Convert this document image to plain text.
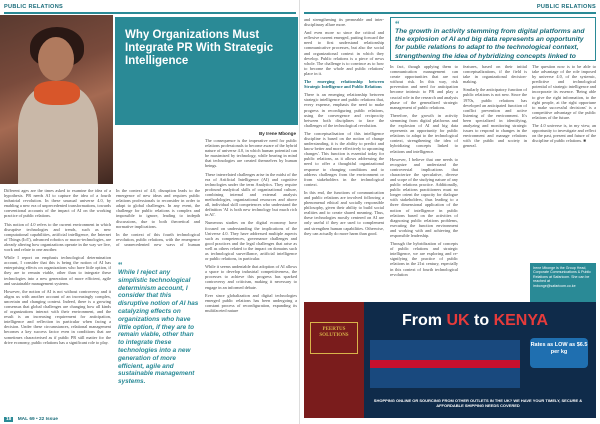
PUBLIC RELATIONS
Why Organizations Must Integrate PR With Strategic Intelligence
By Irene Mbonge

Different ages are the times asked to examine the idea of a hypothesis. PR needs AI to capture the idea of a fourth industrial revolution. In these unusual universe 4.0, by enabling a new era of unprecedented transformations, towards conventional accounts of the impact of AI on the working practice of public relations.

This notion of 4.0 refers to the current environment in which disruptive technologies and trends, such as new computational capabilities, artificial intelligence, the Internet of Things (IoT), advanced robotics or macro-technologies, are already altering how organizations operate in the way we live, work and relate to one another.

While I report on emphasis technological determination account, I consider that this is being the notion of AI has enterprising effects on organizations who have little option, if they are to remain viable, other than to integrate these technologies into a new generation of more efficient, agile and sustainable management systems.

However, the notion of AI is not without controversy and it aligns us with another account of an increasingly complex, uncertain and changing context. Indeed, there is a growing consensus that global challenges are changing how all kinds of organizations interact with their environment, and the result is an increasing requirement for anticipation, intelligence and reflection in particular when facing a decision. Under these circumstances, relational management becomes a key success factor even in conditions that are sometimes characterised as if public PR still matter for the drive economy, public relations has a significant role to play.

In the context of 4.0, disruption leads to the emergence of new ideas and requires public relations professionals to reconsider in order to adapt to global challenges. In any event, the challenge for public relations is complex and impossible to ignore, leading to indepth discussions, due to both theoretical and normative implications.

In the context of this fourth technological revolution, public relations, with the emergence of unprecedented new ways of human

“
While I reject any simplistic technological determinism account, I consider that this disruptive notion of AI has catalyzing effects on organizations who have little option, if they are to remain viable, other than to integrate these technologies into a new generation of more efficient, agile and sustainable management systems.

The consequence is the imperative need for public relations professionals to become aware of the hybrid nature of universe 4.0, in which human potential can be maximised by technology, while bearing in mind that technologies are created themselves by human beings.

These interrelated challenges arise in the midst of the era of Artificial Intelligence (AI) and cognitive technologies under the term Analytics. They require profound analytical skills of organizational culture, combining internal and external analysis methodologies, organizational resources and above all, individual skill competences who understand the definition 'AI is both new technology but much rich in AI'.

Numerous studies on the digital economy have focused on understanding the implications of the Universe 4.0. They have addressed multiple aspects such as competences, governance challenges and good practices and the legal challenges that arise as well as others related to the impact on domains such as technological surveillance, artificial intelligence or public relations, in particular.

While it seems undeniable that adoption of AI allows a space to develop industrial competitiveness, the processes to achieve this progress has sparked controversy and criticism, making it necessary to engage in an informed debate.

Ever since globalization and digital technologies emerged public relations has been undergoing a constant process of reconfiguration, expanding its multifaceted nature

18 MAL 69 • 22 Issue
PUBLIC RELATIONS

and strengthening its permeable and inter-disciplinary allure more.

And even more so since the critical and reflexive current emerged, putting forward the need to first understand relationship communicative processes, but also the social and organizational context in which they develop. Public relations is a piece of news whole. The challenge is to convince as to how to become the whole and public relations' place in it.

The emerging relationship between Strategic Intelligence and Public Relations

There is an emerging relationship between strategic intelligence and public relations that, every expense, emphasis the need to make progress in reconfiguring public relations, using the convergence and reciprocity between both disciplines to face the challenges of the technological revolution.

The conceptualisation of this intelligence discipline is based on the notion of change understanding, it is the ability to predict and know better and more effectively to upcoming changes'. This function is essential today for public relations, as it allows addressing the need to offer a thoughtful organizational response to changing conditions and to address challenges from the environment or from stakeholders in the technological context.

In this end, the functions of communication and public relations are involved following a phenomenal ethical and socially responsible philosophy, given their ability to build social realities and to create shared meaning. Thus, these technologies mostly centered on AI are only useful if they are used to complement and strengthen human capabilities. Otherwise, they can actually do more harm than good.

“
The growth in activity stemming from digital platforms and the explosion of AI and big data represents an opportunity for public relations to adapt to the technological context, strengthening the idea of hybridizing concepts linked to

In fact, though applying them to communication management can create opportunities that are not without risk. In this way, risk prevention and need for anticipation become intrinsic to PR and play a crucial role in the research and analysis phase of the generalized strategic management of public relations.

Therefore, the growth in activity stemming from digital platforms and the explosion of AI and big data represents an opportunity for public relations to adapt to the technological context, strengthening the idea of hybridizing concepts linked to relations and intelligence.

However, I believe that one needs to recognize and understand the controversial implications that characterize the speculative, diverse and scope of the studying nature of any public relations practice. Additionally, public relations practitioners must no longer orient the capacity for dialogue with stakeholders, thus leading to a three dimensional application of the notion of intelligence in public relations based on the activities of diagnosing public relations problems, executing the function environment and working with and achieving the responsible leadership.

Through the hybridization of concepts of public relations and strategic intelligence, we are exploring and re-signifying the practice of public relations in the 21st century, especially in this context of fourth technological revolution

features, based on their initial conceptualizations, if the field is take in organizational decision-making.

Similarly the anticipatory function of public relations is not new. Since the 1970s, public relations has developed an anticipated function of conflict prevention and active listening of the environment. It's been specialized in identifying, analyzing and monitoring strategic issues to respond to changes in the environment and manage relations with the public and society in general.

The question now is to be able to take advantage of the role imposed by universe 4.0, of the systemic, predictive and technological potential of strategic intelligence and incorporate its essence. 'Being able to give the right information, to the right people, at the right opportune to make successful decisions' is a competitive advantage of the public relations of the future.

The 4.0 universe is, in my view, an opportunity to investigate and reflect on the past, present and future of the discipline of public relations. ■

Irene Mbonge is the Group Head, Corporate Communications & Public Relations at Safaricom. She can be reached at imbonge@safaricom.co.ke
PEERTUS SOLUTIONS
From UK to KENYA
Rates as LOW as $6.5 per kg
SHOPPING ONLINE OR SOURCING FROM OTHER OUTLETS IN THE UK? WE HAVE YOUR TIMELY, SECURE & AFFORDABLE SHIPPING NEEDS COVERED
